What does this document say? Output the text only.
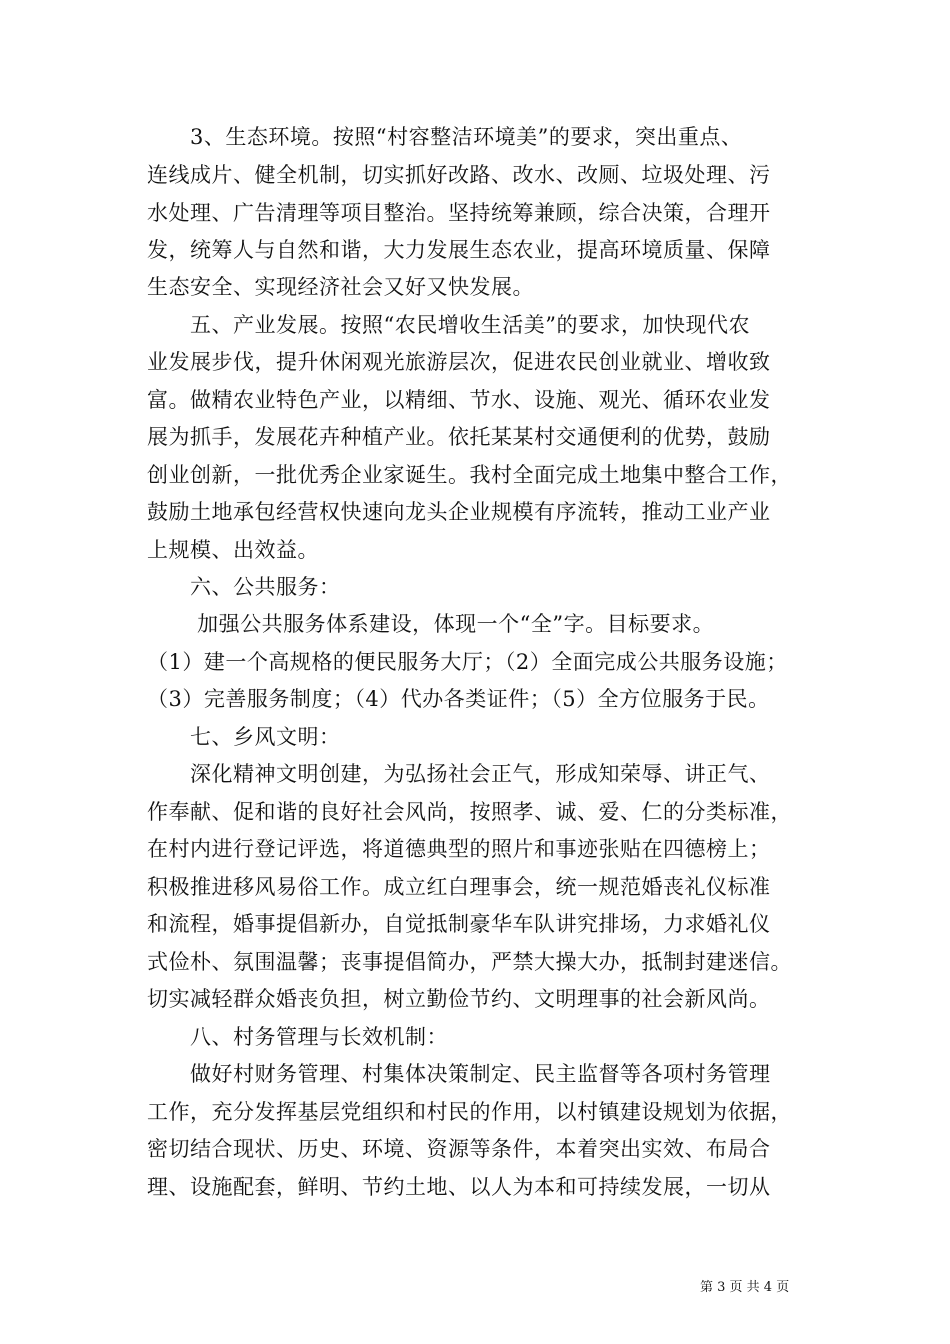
　　3、生态环境。按照“村容整洁环境美”的要求，突出重点、
连线成片、健全机制，切实抓好改路、改水、改厕、垃圾处理、污
水处理、广告清理等项目整治。坚持统筹兼顾，综合决策，合理开
发，统筹人与自然和谐，大力发展生态农业，提高环境质量、保障
生态安全、实现经济社会又好又快发展。
　　五、产业发展。按照“农民增收生活美”的要求，加快现代农
业发展步伐，提升休闲观光旅游层次，促进农民创业就业、增收致
富。做精农业特色产业，以精细、节水、设施、观光、循环农业发
展为抓手，发展花卉种植产业。依托某某村交通便利的优势，鼓励
创业创新，一批优秀企业家诞生。我村全面完成土地集中整合工作，
鼓励土地承包经营权快速向龙头企业规模有序流转，推动工业产业
上规模、出效益。
　　六、公共服务：
　　 加强公共服务体系建设，体现一个“全”字。目标要求。
（1）建一个高规格的便民服务大厅；（2）全面完成公共服务设施；
（3）完善服务制度；（4）代办各类证件；（5）全方位服务于民。
　　七、乡风文明：
　　深化精神文明创建，为弘扬社会正气，形成知荣辱、讲正气、
作奉献、促和谐的良好社会风尚，按照孝、诚、爱、仁的分类标准，
在村内进行登记评选，将道德典型的照片和事迹张贴在四德榜上；
积极推进移风易俗工作。成立红白理事会，统一规范婚丧礼仪标准
和流程，婚事提倡新办，自觉抵制豪华车队讲究排场，力求婚礼仪
式俭朴、氛围温馨；丧事提倡简办，严禁大操大办，抵制封建迷信。
切实减轻群众婚丧负担，树立勤俭节约、文明理事的社会新风尚。
　　八、村务管理与长效机制：
　　做好村财务管理、村集体决策制定、民主监督等各项村务管理
工作，充分发挥基层党组织和村民的作用，以村镇建设规划为依据，
密切结合现状、历史、环境、资源等条件，本着突出实效、布局合
理、设施配套，鲜明、节约土地、以人为本和可持续发展，一切从
第 3 页 共 4 页
